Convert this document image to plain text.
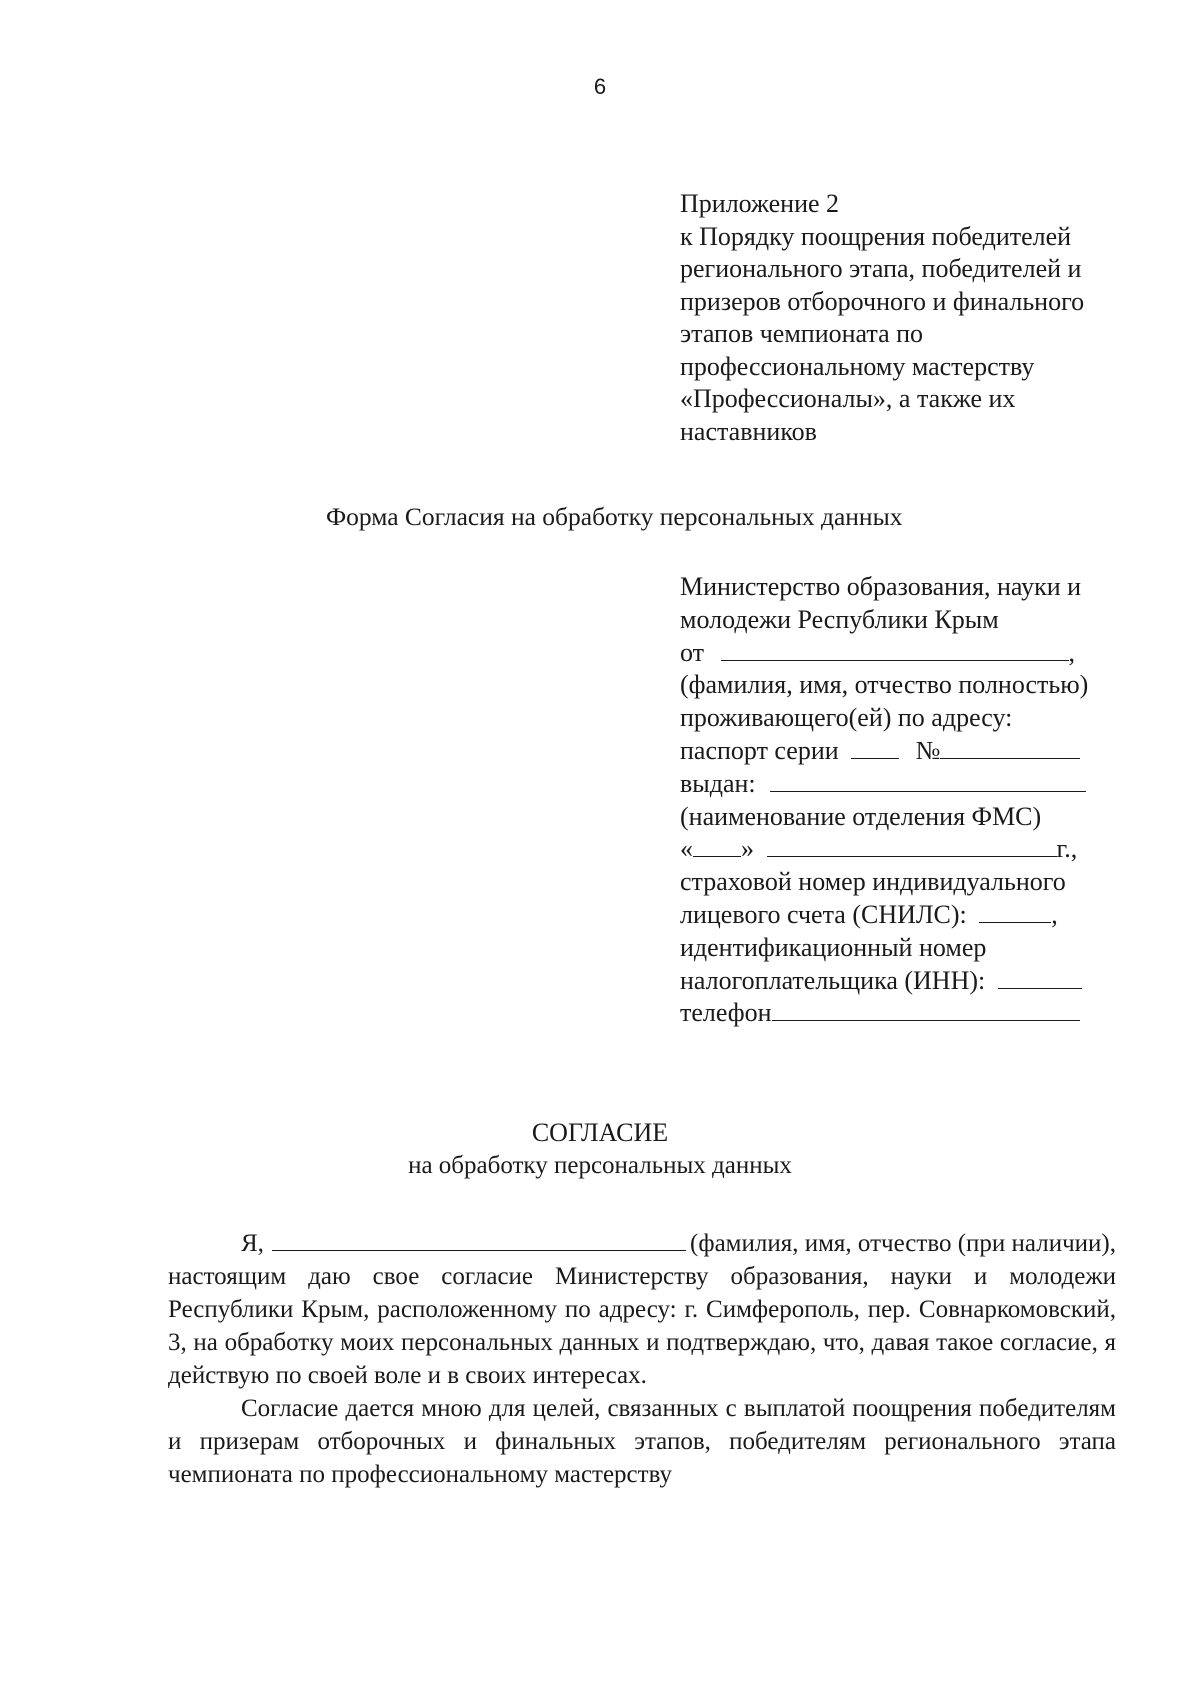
6
Приложение 2
к Порядку поощрения победителей
регионального этапа, победителей и
призеров отборочного и финального
этапов чемпионата по
профессиональному мастерству
«Профессионалы», а также их
наставников
Форма Согласия на обработку персональных данных
Министерство образования, науки и
молодежи Республики Крым
от	,
(фамилия, имя, отчество полностью)
проживающего(ей) по адресу:
паспорт серии	№
выдан:
(наименование отделения ФМС)
« »	г.,
страховой номер индивидуального
лицевого счета (СНИЛС):	,
идентификационный номер
налогоплательщика (ИНН):
телефон
СОГЛАСИЕ
на обработку персональных данных
Я,	(фамилия, имя, отчество (при наличии),

настоящим даю свое согласие Министерству образования, науки и молодежи Республики Крым, расположенному по адресу: г. Симферополь, пер. Совнаркомовский, 3, на обработку моих персональных данных и подтверждаю, что, давая такое согласие, я действую по своей воле и в своих интересах.

Согласие дается мною для целей, связанных с выплатой поощрения победителям и призерам отборочных и финальных этапов, победителям регионального этапа чемпионата по профессиональному мастерству
